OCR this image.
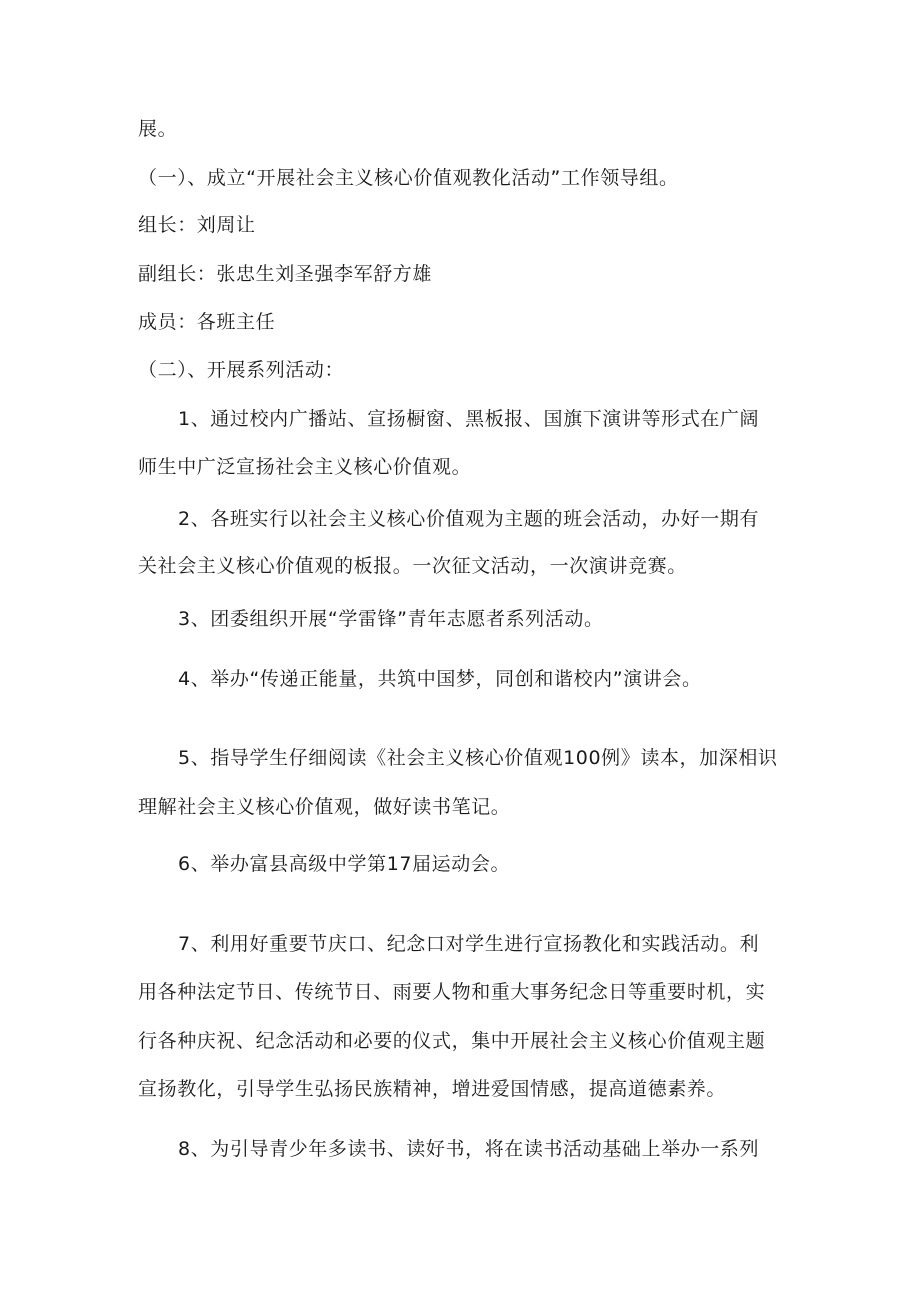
展。
（一）、成立“开展社会主义核心价值观教化活动”工作领导组。
组长：刘周让
副组长：张忠生刘圣强李军舒方雄
成员：各班主任
（二）、开展系列活动：
1、通过校内广播站、宣扬橱窗、黑板报、国旗下演讲等形式在广阔
师生中广泛宣扬社会主义核心价值观。
2、各班实行以社会主义核心价值观为主题的班会活动，办好一期有
关社会主义核心价值观的板报。一次征文活动，一次演讲竞赛。
3、团委组织开展“学雷锋”青年志愿者系列活动。
4、举办“传递正能量，共筑中国梦，同创和谐校内”演讲会。
5、指导学生仔细阅读《社会主义核心价值观100例》读本，加深相识
理解社会主义核心价值观，做好读书笔记。
6、举办富县高级中学第17届运动会。
7、利用好重要节庆口、纪念口对学生进行宣扬教化和实践活动。利
用各种法定节日、传统节日、雨要人物和重大事务纪念日等重要时机，实
行各种庆祝、纪念活动和必要的仪式，集中开展社会主义核心价值观主题
宣扬教化，引导学生弘扬民族精神，增进爱国情感，提高道德素养。
8、为引导青少年多读书、读好书，将在读书活动基础上举办一系列
